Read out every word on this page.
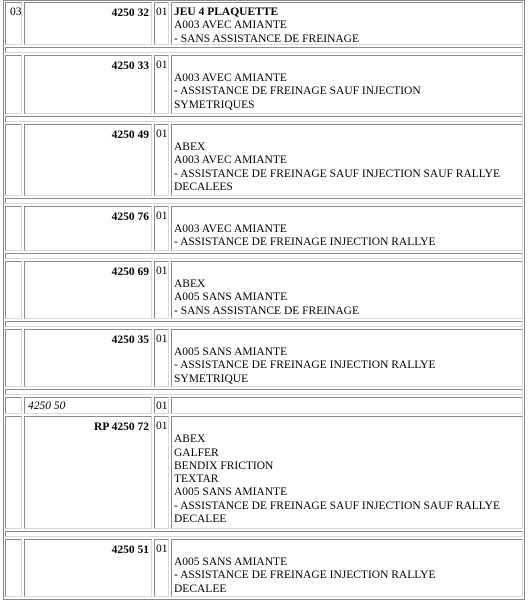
03	4250 32 01 JEU 4 PLAQUETTE
A003 AVEC AMIANTE
- SANS ASSISTANCE DE FREINAGE
4250 33 01
A003 AVEC AMIANTE
- ASSISTANCE DE FREINAGE SAUF INJECTION
SYMETRIQUES
4250 49 01
ABEX
A003 AVEC AMIANTE
- ASSISTANCE DE FREINAGE SAUF INJECTION SAUF RALLYE
DECALEES
4250 76 01
A003 AVEC AMIANTE
- ASSISTANCE DE FREINAGE INJECTION RALLYE
4250 69 01
ABEX
A005 SANS AMIANTE
- SANS ASSISTANCE DE FREINAGE
4250 35 01
A005 SANS AMIANTE
- ASSISTANCE DE FREINAGE INJECTION RALLYE
SYMETRIQUE
4250 50	01
RP 4250 72 01
ABEX
GALFER
BENDIX FRICTION
TEXTAR
A005 SANS AMIANTE
- ASSISTANCE DE FREINAGE SAUF INJECTION SAUF RALLYE
DECALEE
4250 51 01
A005 SANS AMIANTE
- ASSISTANCE DE FREINAGE INJECTION RALLYE
DECALEE
